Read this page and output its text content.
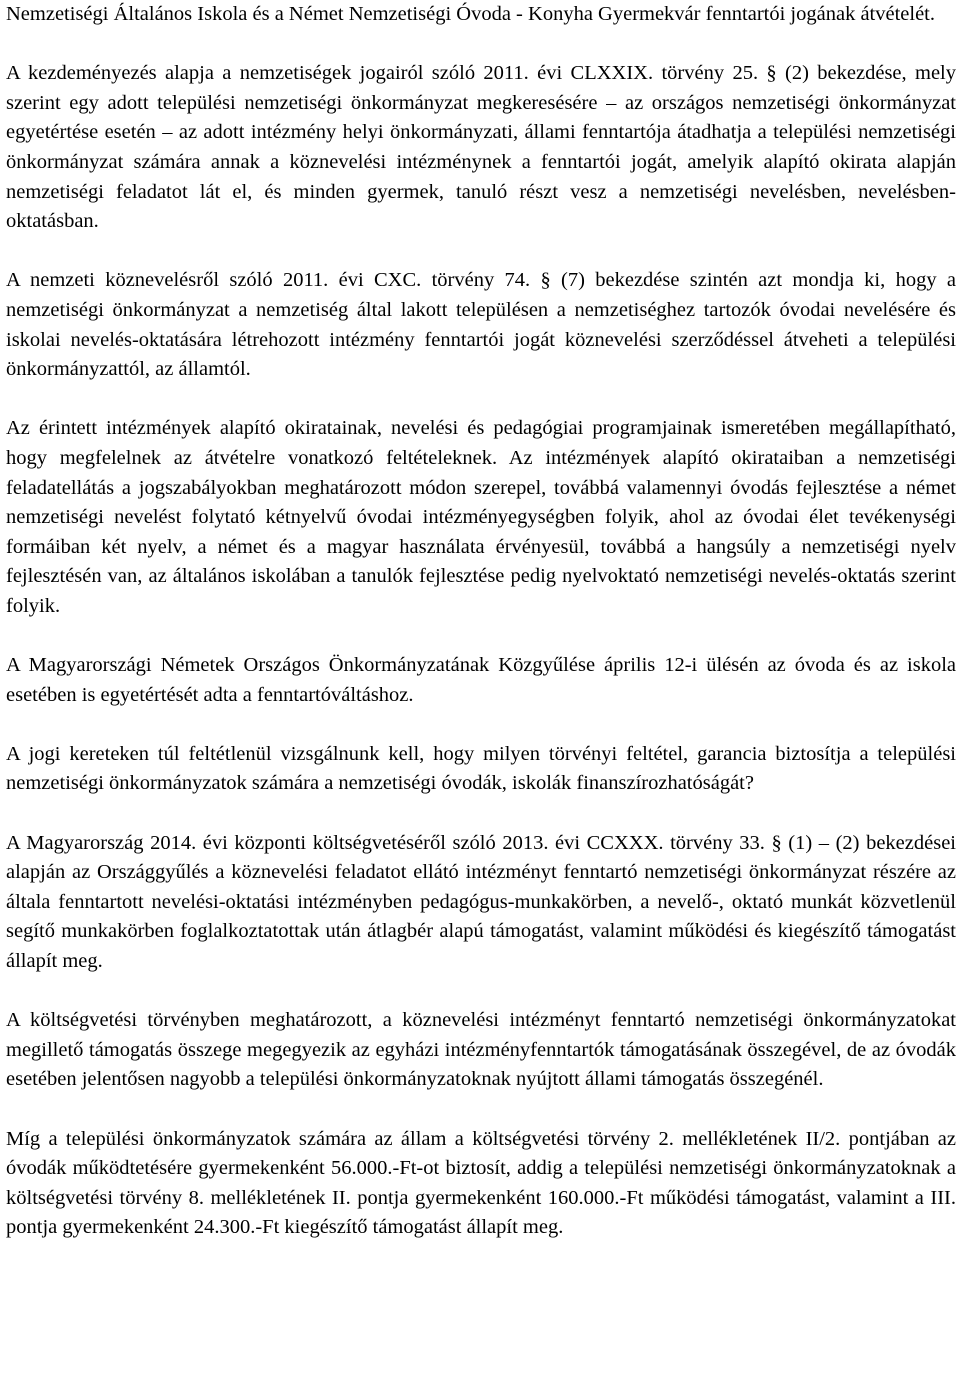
Nemzetiségi Általános Iskola és a Német Nemzetiségi Óvoda - Konyha Gyermekvár fenntartói jogának átvételét.

A kezdeményezés alapja a nemzetiségek jogairól szóló 2011. évi CLXXIX. törvény 25. § (2) bekezdése, mely szerint egy adott települési nemzetiségi önkormányzat megkeresésére – az országos nemzetiségi önkormányzat egyetértése esetén – az adott intézmény helyi önkormányzati, állami fenntartója átadhatja a települési nemzetiségi önkormányzat számára annak a köznevelési intézménynek a fenntartói jogát, amelyik alapító okirata alapján nemzetiségi feladatot lát el, és minden gyermek, tanuló részt vesz a nemzetiségi nevelésben, nevelésben-oktatásban.

A nemzeti köznevelésről szóló 2011. évi CXC. törvény 74. § (7) bekezdése szintén azt mondja ki, hogy a nemzetiségi önkormányzat a nemzetiség által lakott településen a nemzetiséghez tartozók óvodai nevelésére és iskolai nevelés-oktatására létrehozott intézmény fenntartói jogát köznevelési szerződéssel átveheti a települési önkormányzattól, az államtól.

Az érintett intézmények alapító okiratainak, nevelési és pedagógiai programjainak ismeretében megállapítható, hogy megfelelnek az átvételre vonatkozó feltételeknek. Az intézmények alapító okirataiban a nemzetiségi feladatellátás a jogszabályokban meghatározott módon szerepel, továbbá valamennyi óvodás fejlesztése a német nemzetiségi nevelést folytató kétnyelvű óvodai intézményegységben folyik, ahol az óvodai élet tevékenységi formáiban két nyelv, a német és a magyar használata érvényesül, továbbá a hangsúly a nemzetiségi nyelv fejlesztésén van, az általános iskolában a tanulók fejlesztése pedig nyelvoktató nemzetiségi nevelés-oktatás szerint folyik.

A Magyarországi Németek Országos Önkormányzatának Közgyűlése április 12-i ülésén az óvoda és az iskola esetében is egyetértését adta a fenntartóváltáshoz.

A jogi kereteken túl feltétlenül vizsgálnunk kell, hogy milyen törvényi feltétel, garancia biztosítja a települési nemzetiségi önkormányzatok számára a nemzetiségi óvodák, iskolák finanszírozhatóságát?

A Magyarország 2014. évi központi költségvetéséről szóló 2013. évi CCXXX. törvény 33. § (1) – (2) bekezdései alapján az Országgyűlés a köznevelési feladatot ellátó intézményt fenntartó nemzetiségi önkormányzat részére az általa fenntartott nevelési-oktatási intézményben pedagógus-munkakörben, a nevelő-, oktató munkát közvetlenül segítő munkakörben foglalkoztatottak után átlagbér alapú támogatást, valamint működési és kiegészítő támogatást állapít meg.

A költségvetési törvényben meghatározott, a köznevelési intézményt fenntartó nemzetiségi önkormányzatokat megillető támogatás összege megegyezik az egyházi intézményfenntartók támogatásának összegével, de az óvodák esetében jelentősen nagyobb a települési önkormányzatoknak nyújtott állami támogatás összegénél.

Míg a települési önkormányzatok számára az állam a költségvetési törvény 2. mellékletének II/2. pontjában az óvodák működtetésére gyermekenként 56.000.-Ft-ot biztosít, addig a települési nemzetiségi önkormányzatoknak a költségvetési törvény 8. mellékletének II. pontja gyermekenként 160.000.-Ft működési támogatást, valamint a III. pontja gyermekenként 24.300.-Ft kiegészítő támogatást állapít meg.
